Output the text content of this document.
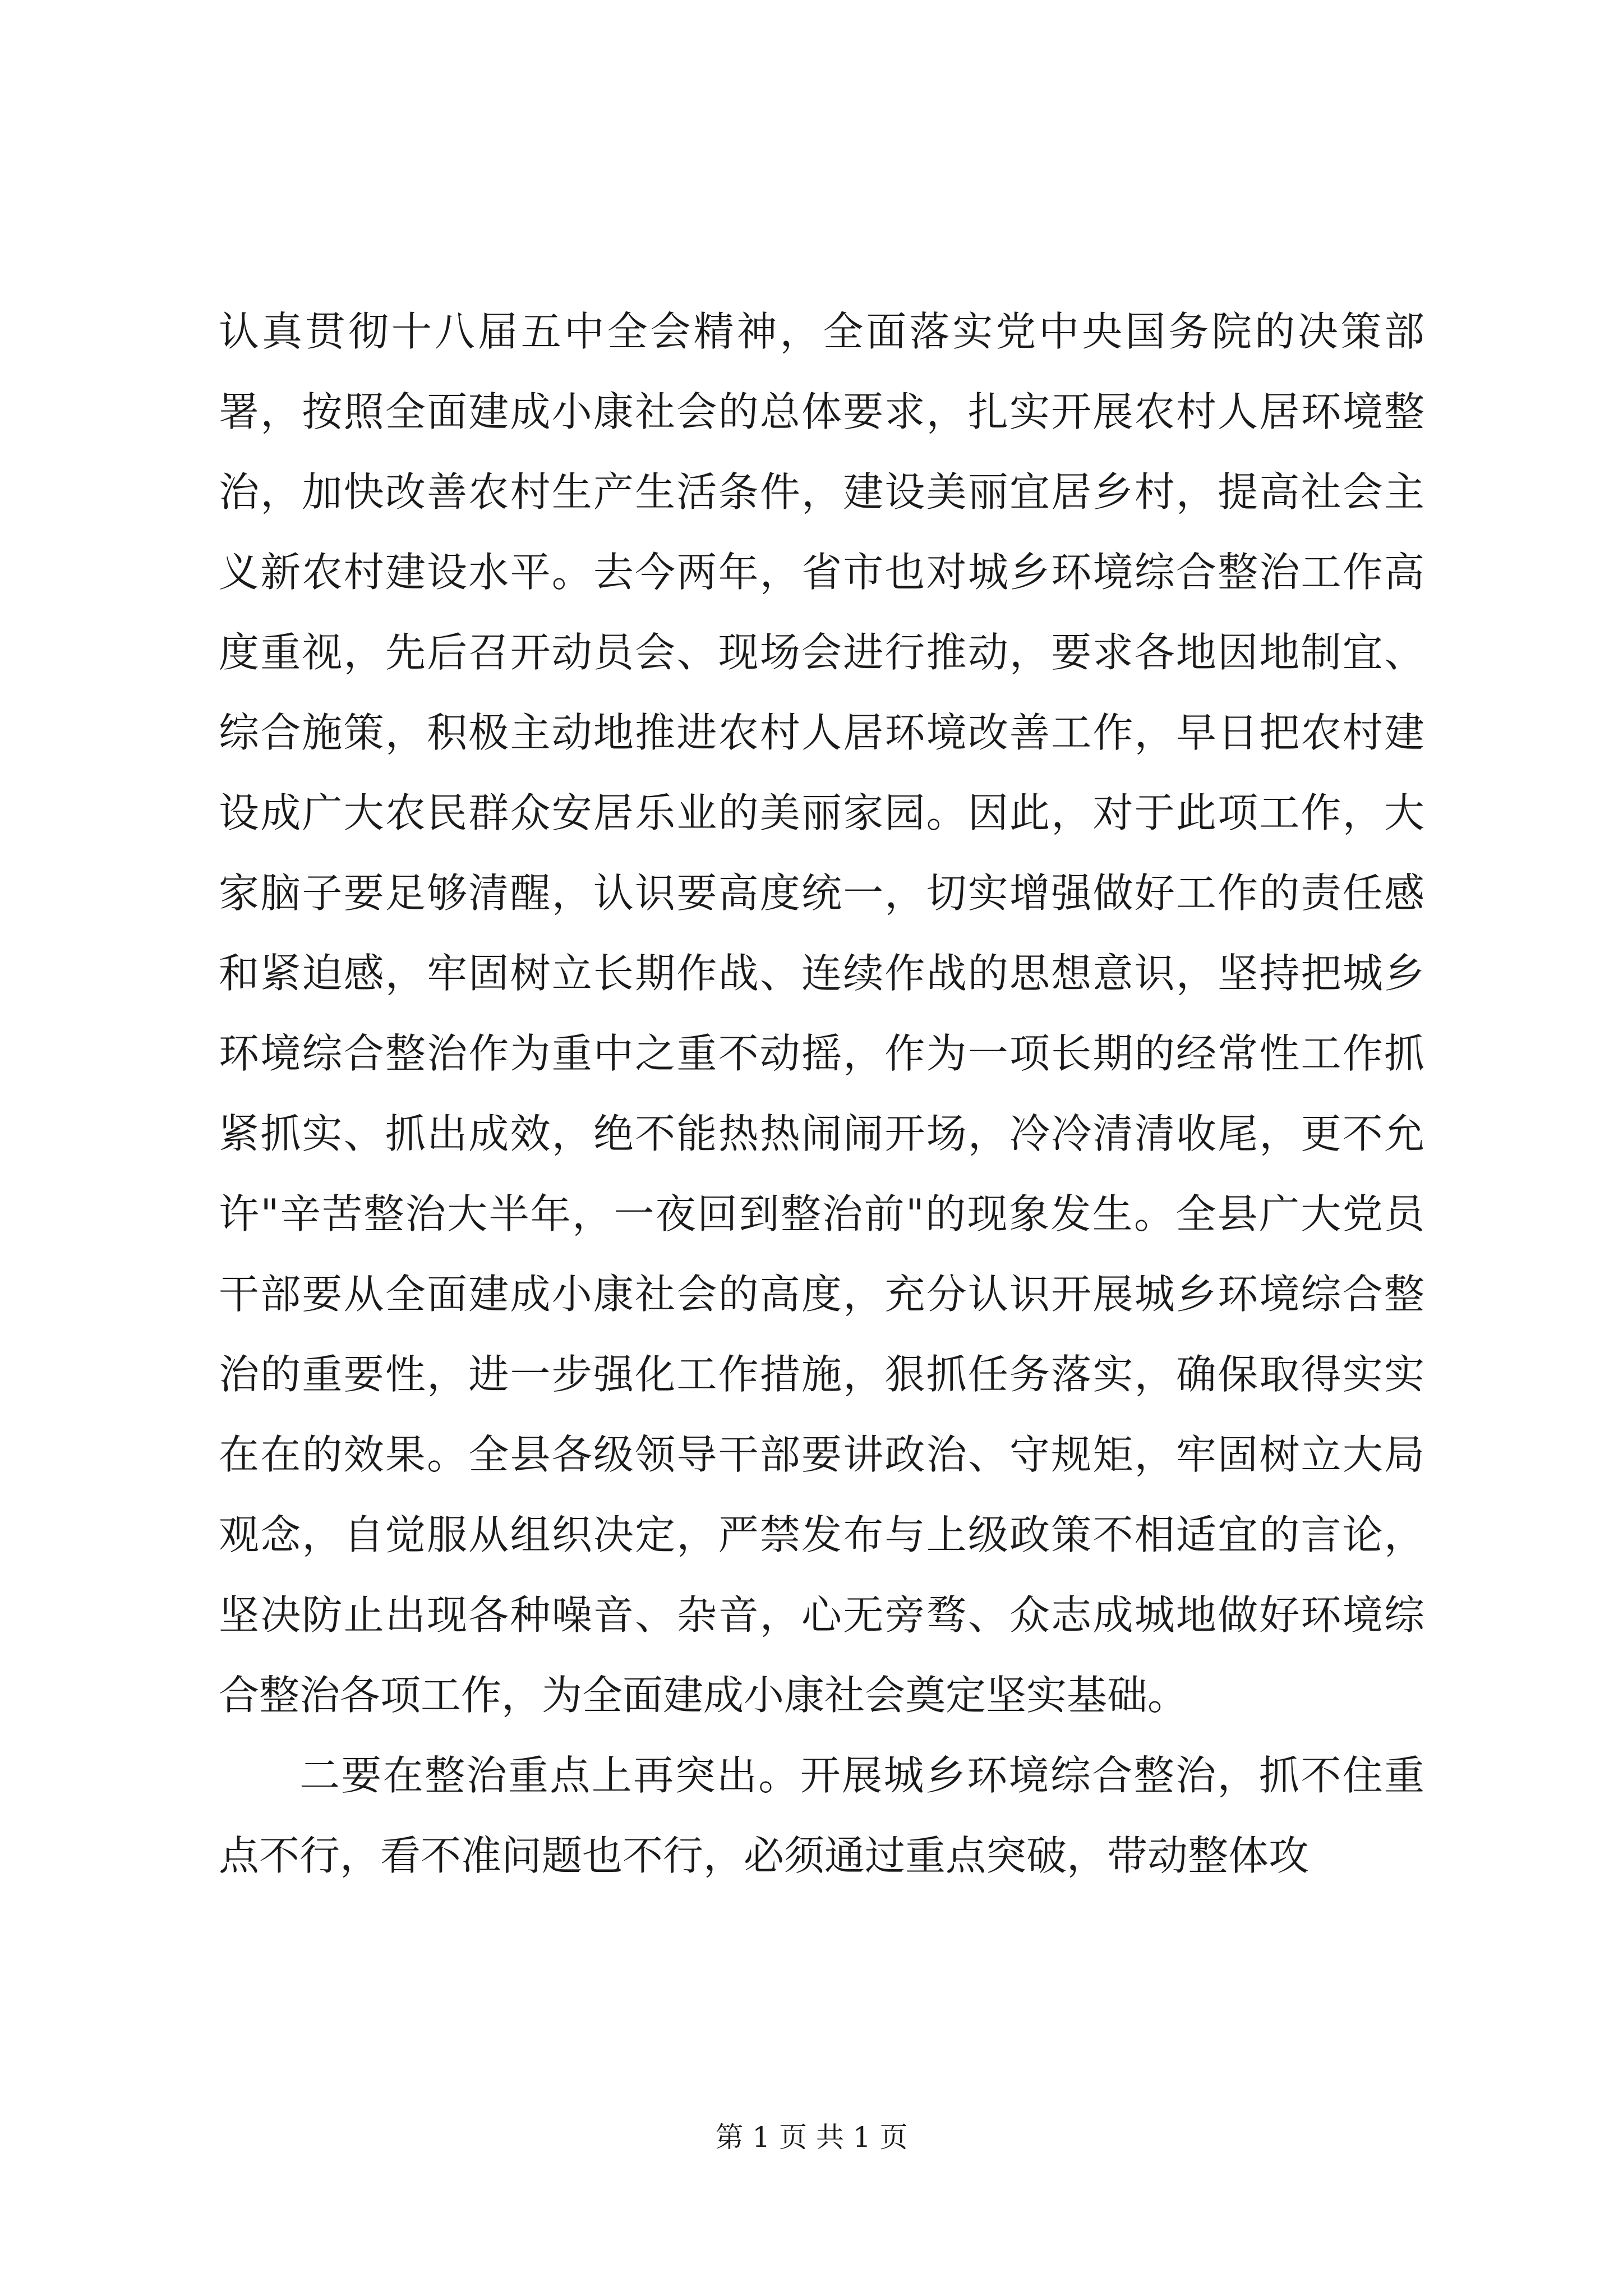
认真贯彻十八届五中全会精神，全面落实党中央国务院的决策部署，按照全面建成小康社会的总体要求，扎实开展农村人居环境整治，加快改善农村生产生活条件，建设美丽宜居乡村，提高社会主义新农村建设水平。去今两年，省市也对城乡环境综合整治工作高度重视，先后召开动员会、现场会进行推动，要求各地因地制宜、综合施策，积极主动地推进农村人居环境改善工作，早日把农村建设成广大农民群众安居乐业的美丽家园。因此，对于此项工作，大家脑子要足够清醒，认识要高度统一，切实增强做好工作的责任感和紧迫感，牢固树立长期作战、连续作战的思想意识，坚持把城乡环境综合整治作为重中之重不动摇，作为一项长期的经常性工作抓紧抓实、抓出成效，绝不能热热闹闹开场，冷冷清清收尾，更不允许"辛苦整治大半年，一夜回到整治前"的现象发生。全县广大党员干部要从全面建成小康社会的高度，充分认识开展城乡环境综合整治的重要性，进一步强化工作措施，狠抓任务落实，确保取得实实在在的效果。全县各级领导干部要讲政治、守规矩，牢固树立大局观念，自觉服从组织决定，严禁发布与上级政策不相适宜的言论，坚决防止出现各种噪音、杂音，心无旁骛、众志成城地做好环境综合整治各项工作，为全面建成小康社会奠定坚实基础。

二要在整治重点上再突出。开展城乡环境综合整治，抓不住重点不行，看不准问题也不行，必须通过重点突破，带动整体攻

第 1 页 共 1 页
